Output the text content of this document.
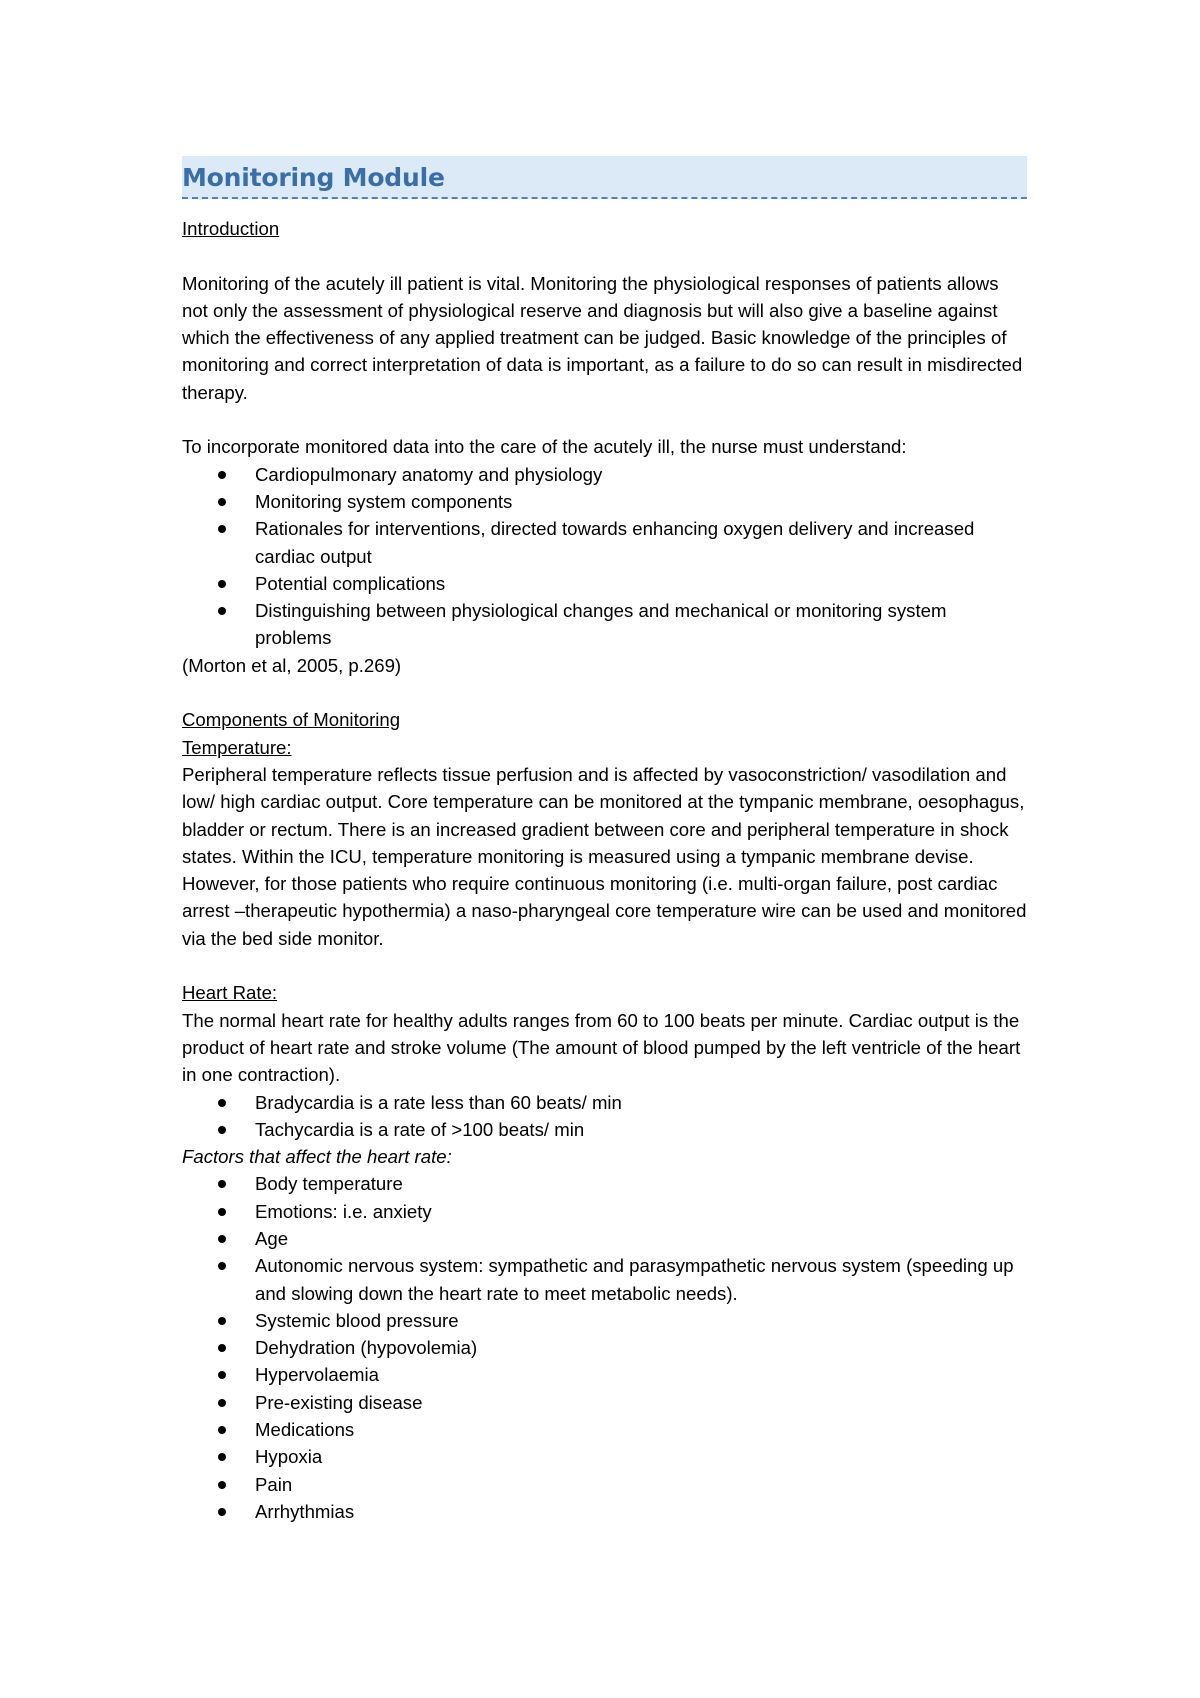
Monitoring Module

Introduction

Monitoring of the acutely ill patient is vital. Monitoring the physiological responses of patients allows not only the assessment of physiological reserve and diagnosis but will also give a baseline against which the effectiveness of any applied treatment can be judged. Basic knowledge of the principles of monitoring and correct interpretation of data is important, as a failure to do so can result in misdirected therapy.

To incorporate monitored data into the care of the acutely ill, the nurse must understand:

Cardiopulmonary anatomy and physiology
Monitoring system components
Rationales for interventions, directed towards enhancing oxygen delivery and increased cardiac output
Potential complications
Distinguishing between physiological changes and mechanical or monitoring system problems

(Morton et al, 2005, p.269)

Components of Monitoring

Temperature:

Peripheral temperature reflects tissue perfusion and is affected by vasoconstriction/ vasodilation and low/ high cardiac output. Core temperature can be monitored at the tympanic membrane, oesophagus, bladder or rectum. There is an increased gradient between core and peripheral temperature in shock states. Within the ICU, temperature monitoring is measured using a tympanic membrane devise. However, for those patients who require continuous monitoring (i.e. multi-organ failure, post cardiac arrest –therapeutic hypothermia) a naso-pharyngeal core temperature wire can be used and monitored via the bed side monitor.

Heart Rate:

The normal heart rate for healthy adults ranges from 60 to 100 beats per minute. Cardiac output is the product of heart rate and stroke volume (The amount of blood pumped by the left ventricle of the heart in one contraction).

Bradycardia is a rate less than 60 beats/ min
Tachycardia is a rate of >100 beats/ min

Factors that affect the heart rate:

Body temperature
Emotions: i.e. anxiety
Age
Autonomic nervous system: sympathetic and parasympathetic nervous system (speeding up and slowing down the heart rate to meet metabolic needs).
Systemic blood pressure
Dehydration (hypovolemia)
Hypervolaemia
Pre-existing disease
Medications
Hypoxia
Pain
Arrhythmias
